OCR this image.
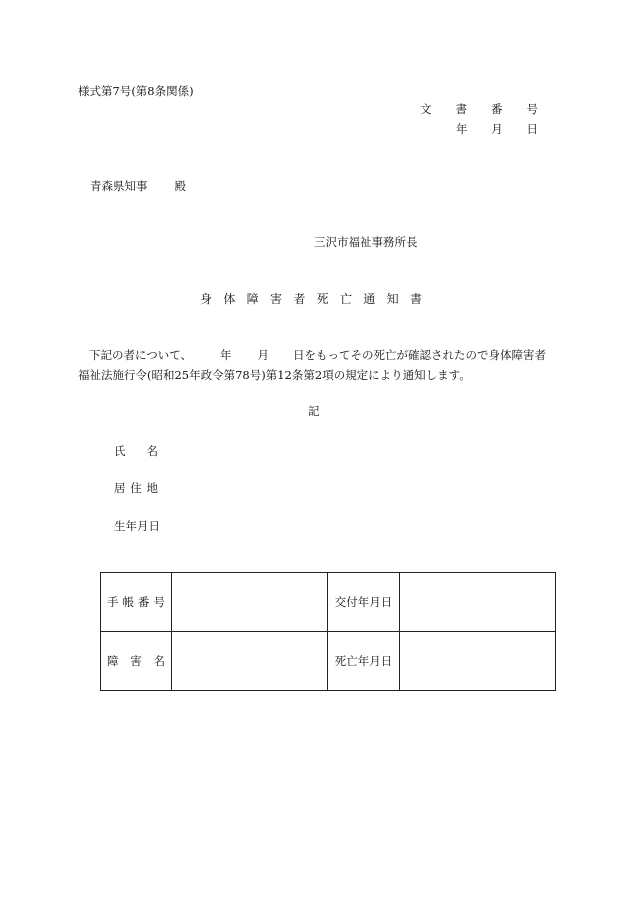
様式第7号(第8条関係)
文 書 番 号
年 月 日
青森県知事 殿
三沢市福祉事務所長
身 体 障 害 者 死 亡 通 知 書
下記の者について、 年 月 日をもってその死亡が確認されたので身体障害者
福祉法施行令(昭和25年政令第78号)第12条第2項の規定により通知します。
記
氏 名
居 住 地
生年月日
手 帳 番 号		交付年月日	

障 害 名		死亡年月日	
